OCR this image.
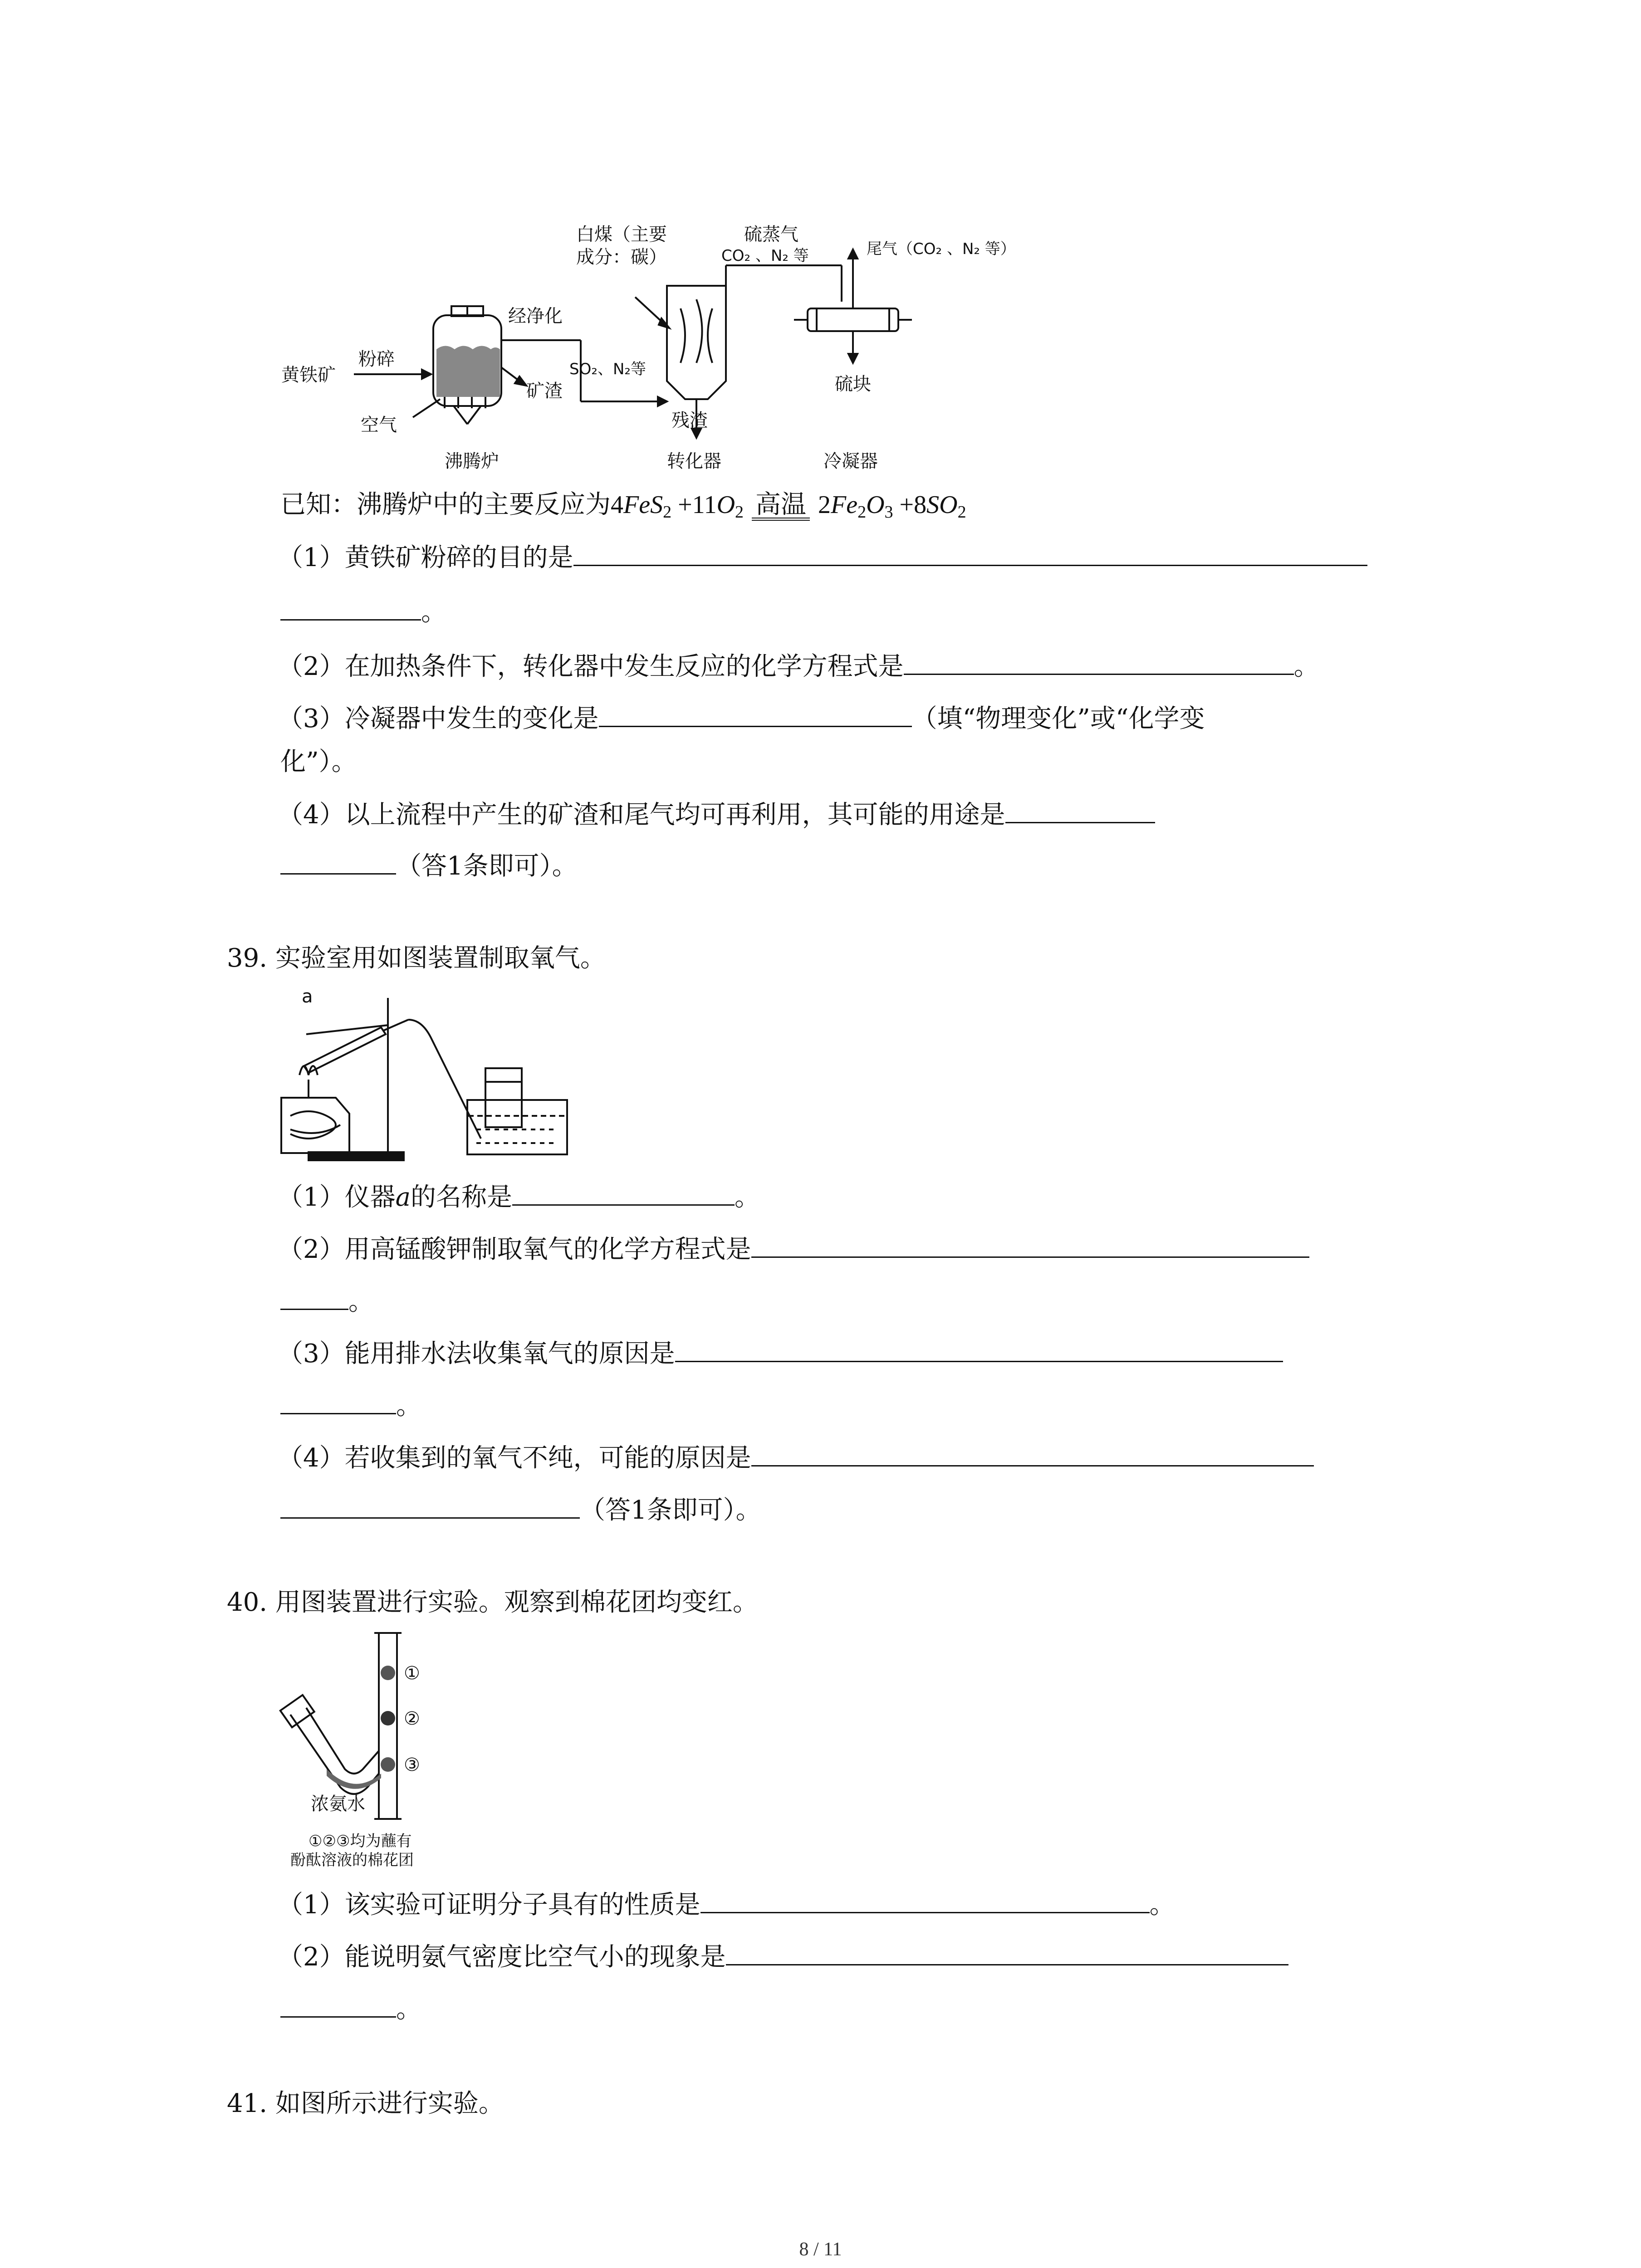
黄铁矿
粉碎
空气
经净化
SO₂、N₂等
矿渣
白煤（主要
成分：碳）
硫蒸气
CO₂ 、N₂ 等	尾气（CO₂ 、N₂ 等）
残渣
硫块
沸腾炉	转化器	冷凝器
已知：沸腾炉中的主要反应为$4FeS_2 +11O_2$ 高温 $2Fe_2O_3 +8SO_2$
（1）黄铁矿粉碎的目的是
。
（2）在加热条件下，转化器中发生反应的化学方程式是	。
（3）冷凝器中发生的变化是	（填“物理变化”或“化学变
化”）。
（4）以上流程中产生的矿渣和尾气均可再利用，其可能的用途是
（答1条即可）。
39. 实验室用如图装置制取氧气。
a
（1）仪器a的名称是	。
（2）用高锰酸钾制取氧气的化学方程式是
。
（3）能用排水法收集氧气的原因是
。
（4）若收集到的氧气不纯，可能的原因是
（答1条即可）。
40. 用图装置进行实验。观察到棉花团均变红。
①
②
③
浓氨水
①②③均为蘸有
酚酞溶液的棉花团
（1）该实验可证明分子具有的性质是	。
（2）能说明氨气密度比空气小的现象是
。
41. 如图所示进行实验。
8 / 11
